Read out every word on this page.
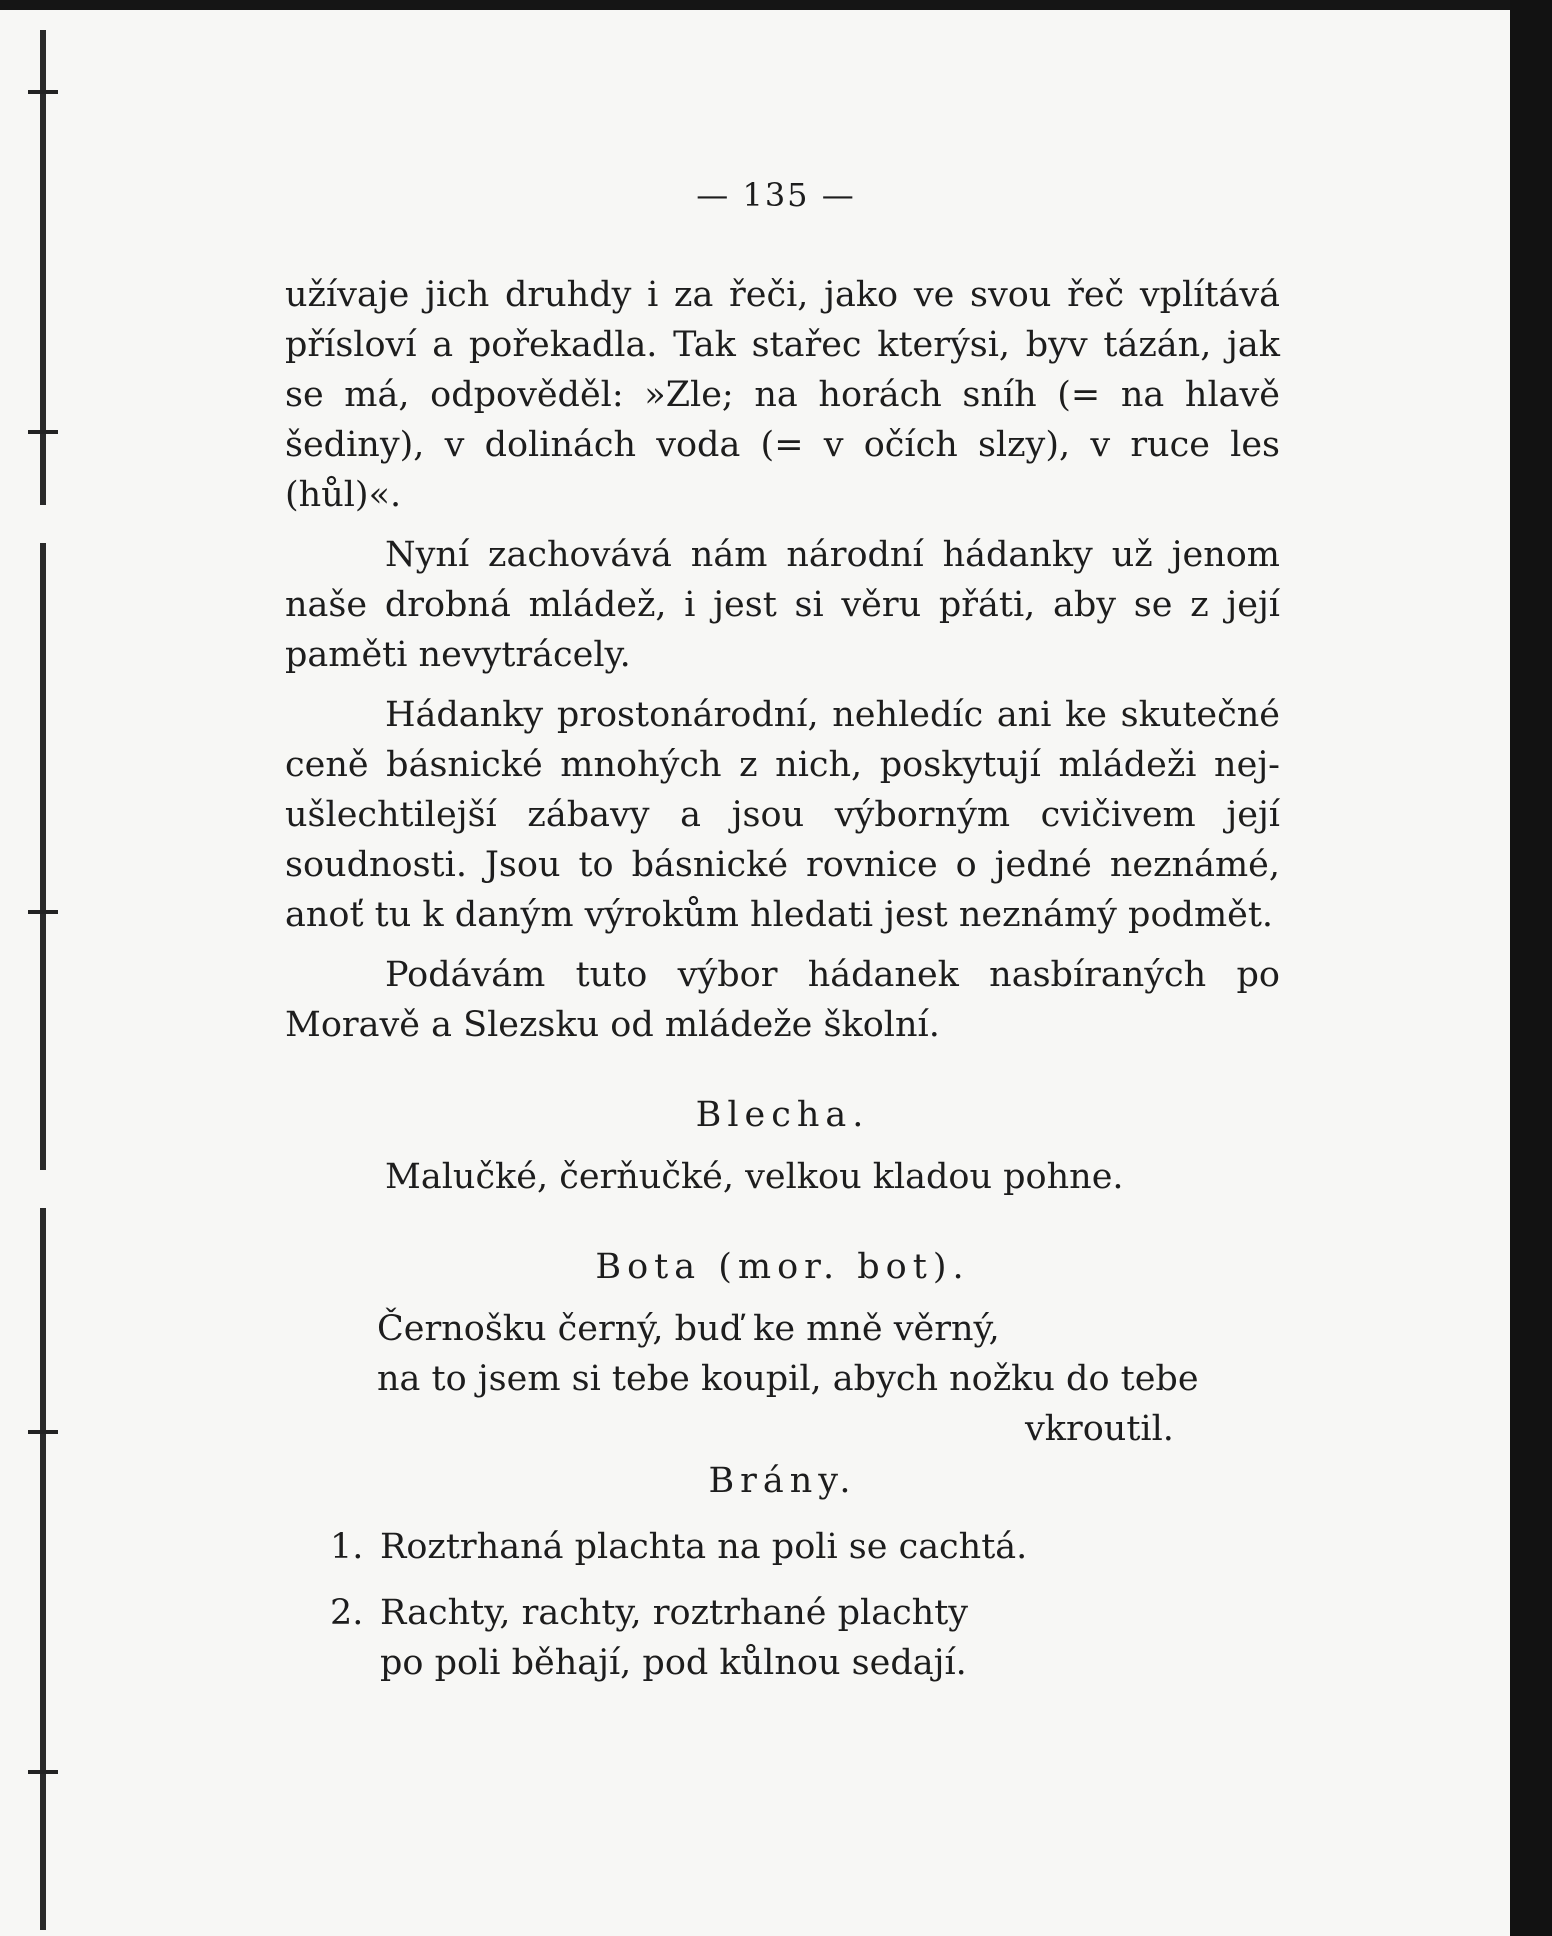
— 135 —

užívaje jich druhdy i za řeči, jako ve svou řeč vplítává přísloví a pořekadla. Tak stařec kterýsi, byv tázán, jak se má, odpověděl: »Zle; na horách sníh (= na hlavě šediny), v dolinách voda (= v očích slzy), v ruce les (hůl)«.

Nyní zachovává nám národní hádanky už jenom naše drobná mládež, i jest si věru přáti, aby se z její paměti nevytrácely.

Hádanky prostonárodní, nehledíc ani ke skutečné ceně básnické mnohých z nich, poskytují mládeži nejušlechtilejší zábavy a jsou výborným cvičivem její soudnosti. Jsou to básnické rovnice o jedné neznámé, anoť tu k daným výrokům hledati jest neznámý podmět.

Podávám tuto výbor hádanek nasbíraných po Moravě a Slezsku od mládeže školní.

Blecha.

Malučké, čerňučké, velkou kladou pohne.

Bota (mor. bot).

Černošku černý, buď ke mně věrný,

na to jsem si tebe koupil, abych nožku do tebe

vkroutil.

Brány.

1. Roztrhaná plachta na poli se cachtá.

2. Rachty, rachty, roztrhané plachty

po poli běhají, pod kůlnou sedají.
